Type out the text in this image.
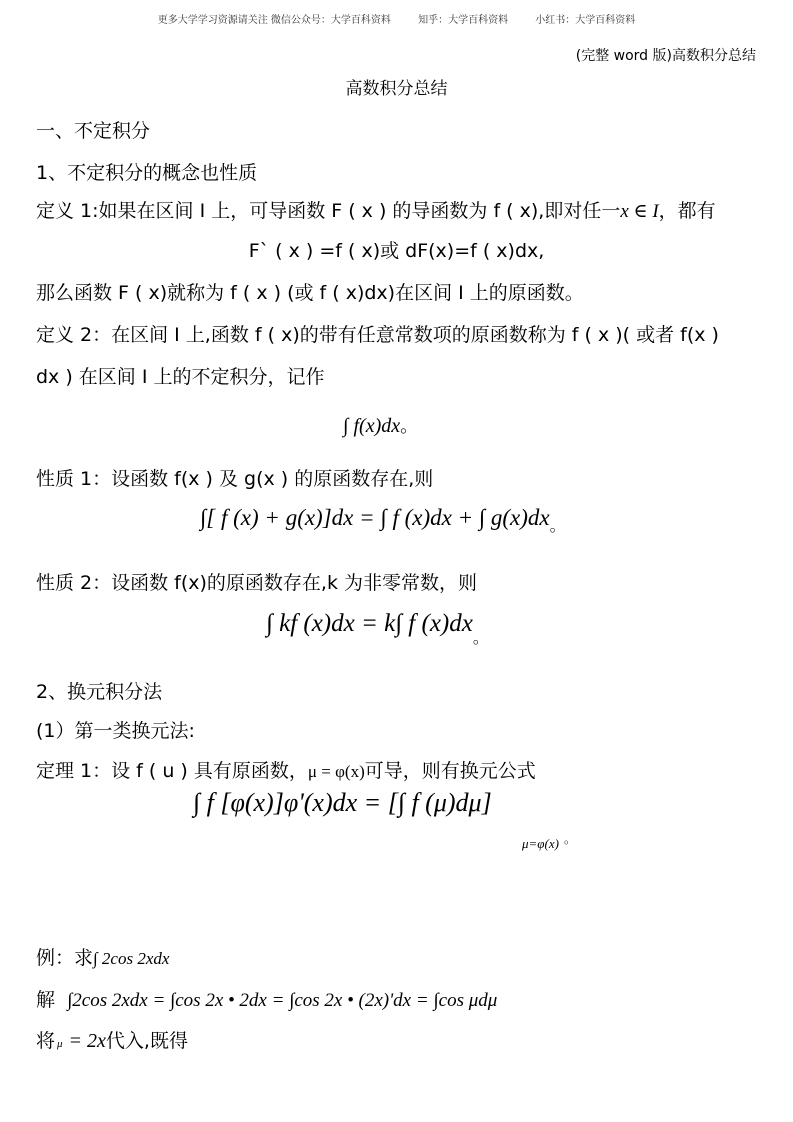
更多大学学习资源请关注 微信公众号：大学百科资料	知乎：大学百科资料	小红书：大学百科资料
(完整 word 版)高数积分总结
高数积分总结
一、不定积分
1、不定积分的概念也性质
定义 1:如果在区间 I 上，可导函数 F ( x ) 的导函数为 f ( x),即对任一x ∈ I，都有
F` ( x ) =f ( x)或 dF(x)=f ( x)dx,
那么函数 F ( x)就称为 f ( x ) (或 f ( x)dx)在区间 I 上的原函数。
定义 2：在区间 I 上,函数 f ( x)的带有任意常数项的原函数称为 f ( x )( 或者 f(x )
dx ) 在区间 I 上的不定积分，记作
∫ f(x)dx。
性质 1：设函数 f(x ) 及 g(x ) 的原函数存在,则
∫[ f (x) + g(x)]dx = ∫ f (x)dx + ∫ g(x)dx。
性质 2：设函数 f(x)的原函数存在,k 为非零常数，则
∫ kf (x)dx = k∫ f (x)dx。
2、换元积分法
(1）第一类换元法:
定理 1：设 f ( u ) 具有原函数，μ = φ(x)可导，则有换元公式
∫ f [φ(x)]φ'(x)dx = [∫ f (μ)dμ]
μ=φ(x) 。
例：求∫ 2cos 2xdx
解 ∫2cos 2xdx = ∫cos 2x • 2dx = ∫cos 2x • (2x)'dx = ∫cos μdμ
将μ = 2x代入,既得
